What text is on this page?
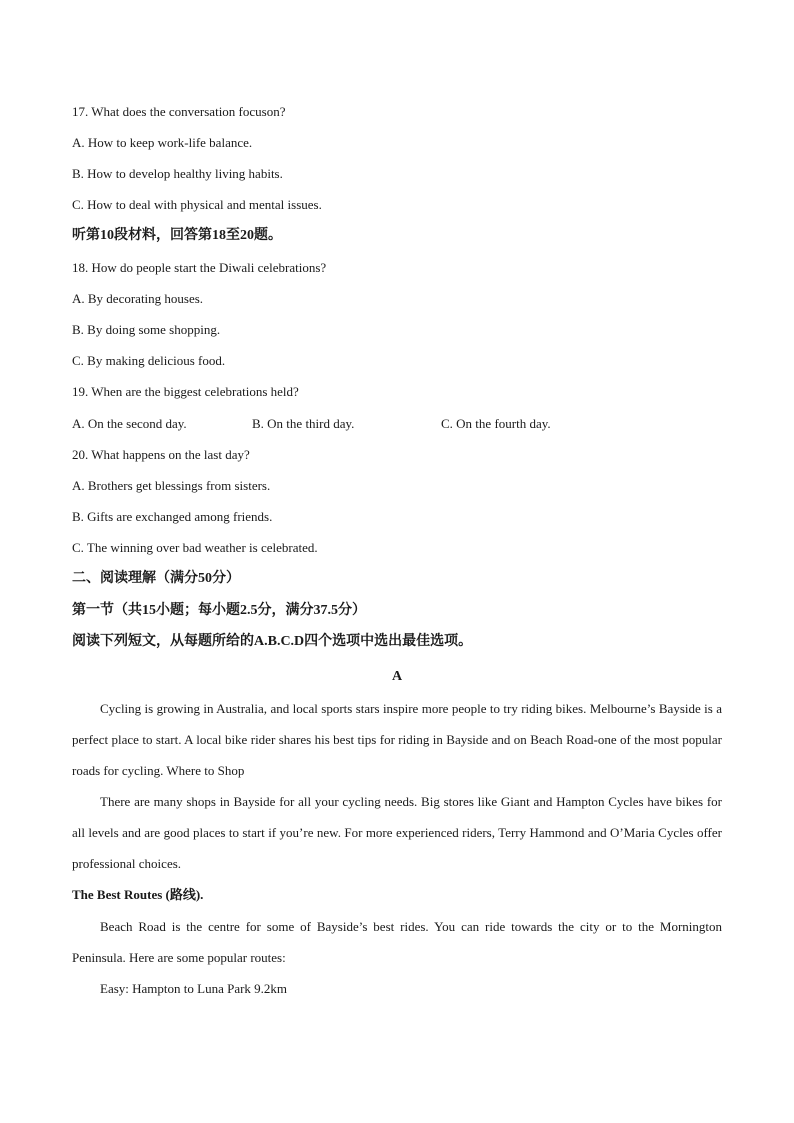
17. What does the conversation focuson?
A. How to keep work-life balance.
B. How to develop healthy living habits.
C. How to deal with physical and mental issues.
听第10段材料，回答第18至20题。
18. How do people start the Diwali celebrations?
A. By decorating houses.
B. By doing some shopping.
C. By making delicious food.
19. When are the biggest celebrations held?
A. On the second day.	B. On the third day.	C. On the fourth day.
20. What happens on the last day?
A. Brothers get blessings from sisters.
B. Gifts are exchanged among friends.
C. The winning over bad weather is celebrated.
二、阅读理解（满分50分）
第一节（共15小题；每小题2.5分，满分37.5分）
阅读下列短文，从每题所给的A.B.C.D四个选项中选出最佳选项。
A
Cycling is growing in Australia, and local sports stars inspire more people to try riding bikes. Melbourne’s Bayside is a perfect place to start. A local bike rider shares his best tips for riding in Bayside and on Beach Road-one of the most popular roads for cycling. Where to Shop
There are many shops in Bayside for all your cycling needs. Big stores like Giant and Hampton Cycles have bikes for all levels and are good places to start if you’re new. For more experienced riders, Terry Hammond and O’Maria Cycles offer professional choices.
The Best Routes (路线).
Beach Road is the centre for some of Bayside’s best rides. You can ride towards the city or to the Mornington Peninsula. Here are some popular routes:
Easy: Hampton to Luna Park 9.2km
